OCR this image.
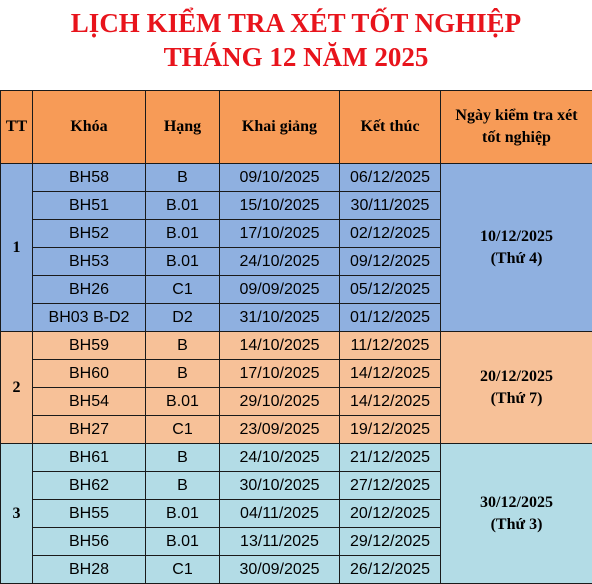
LỊCH KIỂM TRA XÉT TỐT NGHIỆP
THÁNG 12 NĂM 2025
TT	Khóa	Hạng	Khai giảng	Kết thúc	Ngày kiểm tra xét
tốt nghiệp
1	BH58	B	09/10/2025	06/12/2025	10/12/2025
(Thứ 4)
	BH51	B.01	15/10/2025	30/11/2025	
	BH52	B.01	17/10/2025	02/12/2025	
	BH53	B.01	24/10/2025	09/12/2025	
	BH26	C1	09/09/2025	05/12/2025	
	BH03 B-D2	D2	31/10/2025	01/12/2025	
2	BH59	B	14/10/2025	11/12/2025	20/12/2025
(Thứ 7)
	BH60	B	17/10/2025	14/12/2025	
	BH54	B.01	29/10/2025	14/12/2025	
	BH27	C1	23/09/2025	19/12/2025	
3	BH61	B	24/10/2025	21/12/2025	30/12/2025
(Thứ 3)
	BH62	B	30/10/2025	27/12/2025	
	BH55	B.01	04/11/2025	20/12/2025	
	BH56	B.01	13/11/2025	29/12/2025	
	BH28	C1	30/09/2025	26/12/2025	
